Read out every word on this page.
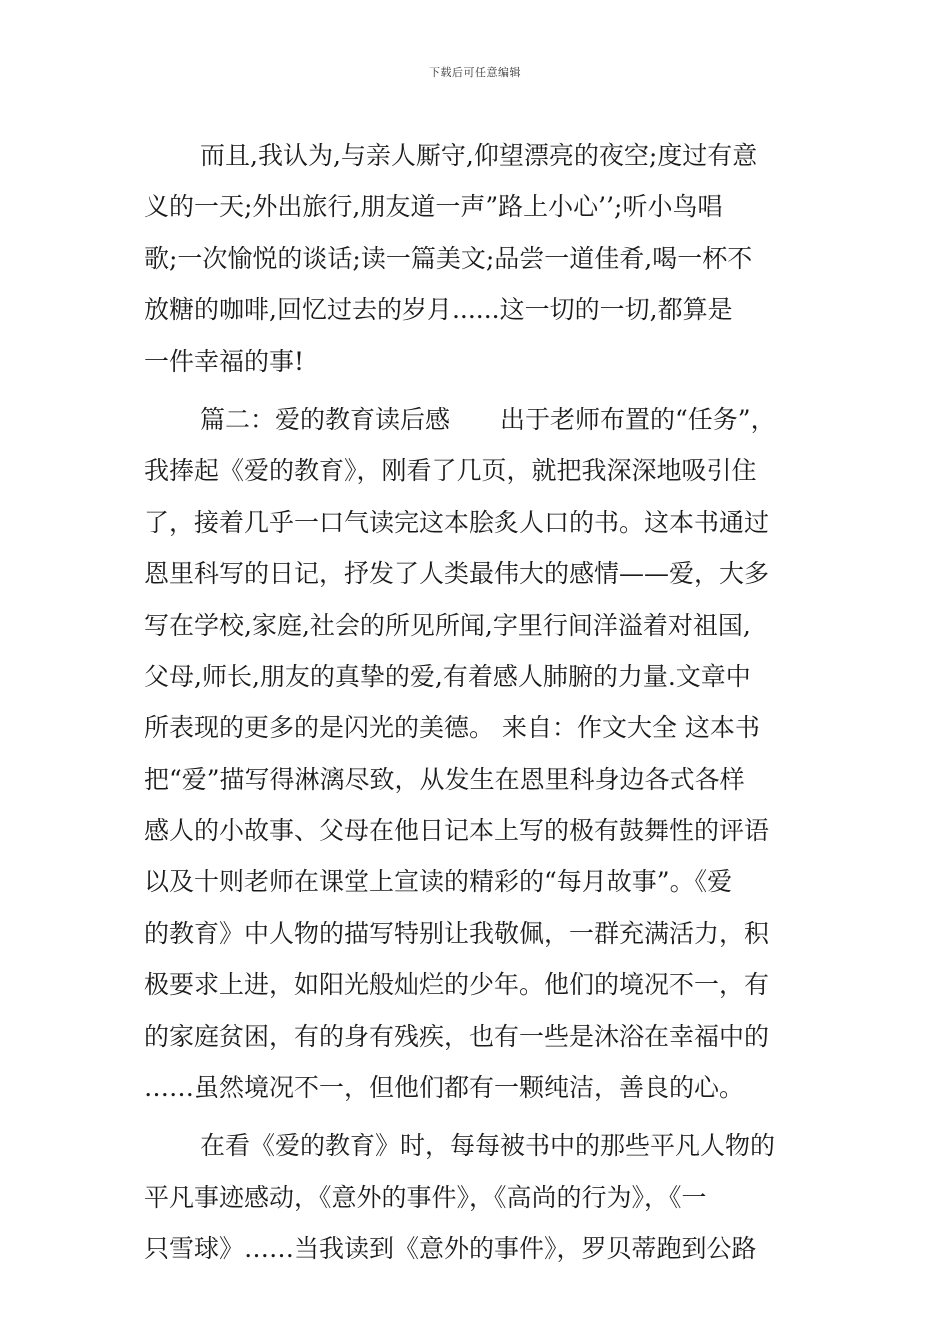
下载后可任意编辑
而且,我认为,与亲人厮守,仰望漂亮的夜空;度过有意
义的一天;外出旅行,朋友道一声”路上小心’’;听小鸟唱
歌;一次愉悦的谈话;读一篇美文;品尝一道佳肴,喝一杯不
放糖的咖啡,回忆过去的岁月......这一切的一切,都算是
一件幸福的事!
篇二：爱的教育读后感　　出于老师布置的“任务”，
我捧起《爱的教育》，刚看了几页，就把我深深地吸引住
了，接着几乎一口气读完这本脍炙人口的书。这本书通过
恩里科写的日记，抒发了人类最伟大的感情——爱，大多
写在学校,家庭,社会的所见所闻,字里行间洋溢着对祖国,
父母,师长,朋友的真挚的爱,有着感人肺腑的力量.文章中
所表现的更多的是闪光的美德。 来自：作文大全 这本书
把“爱”描写得淋漓尽致，从发生在恩里科身边各式各样
感人的小故事、父母在他日记本上写的极有鼓舞性的评语
以及十则老师在课堂上宣读的精彩的“每月故事”。《爱
的教育》中人物的描写特别让我敬佩，一群充满活力，积
极要求上进，如阳光般灿烂的少年。他们的境况不一，有
的家庭贫困，有的身有残疾，也有一些是沐浴在幸福中的
……虽然境况不一，但他们都有一颗纯洁，善良的心。
在看《爱的教育》时，每每被书中的那些平凡人物的
平凡事迹感动，《意外的事件》，《高尚的行为》，《一
只雪球》……当我读到《意外的事件》，罗贝蒂跑到公路
